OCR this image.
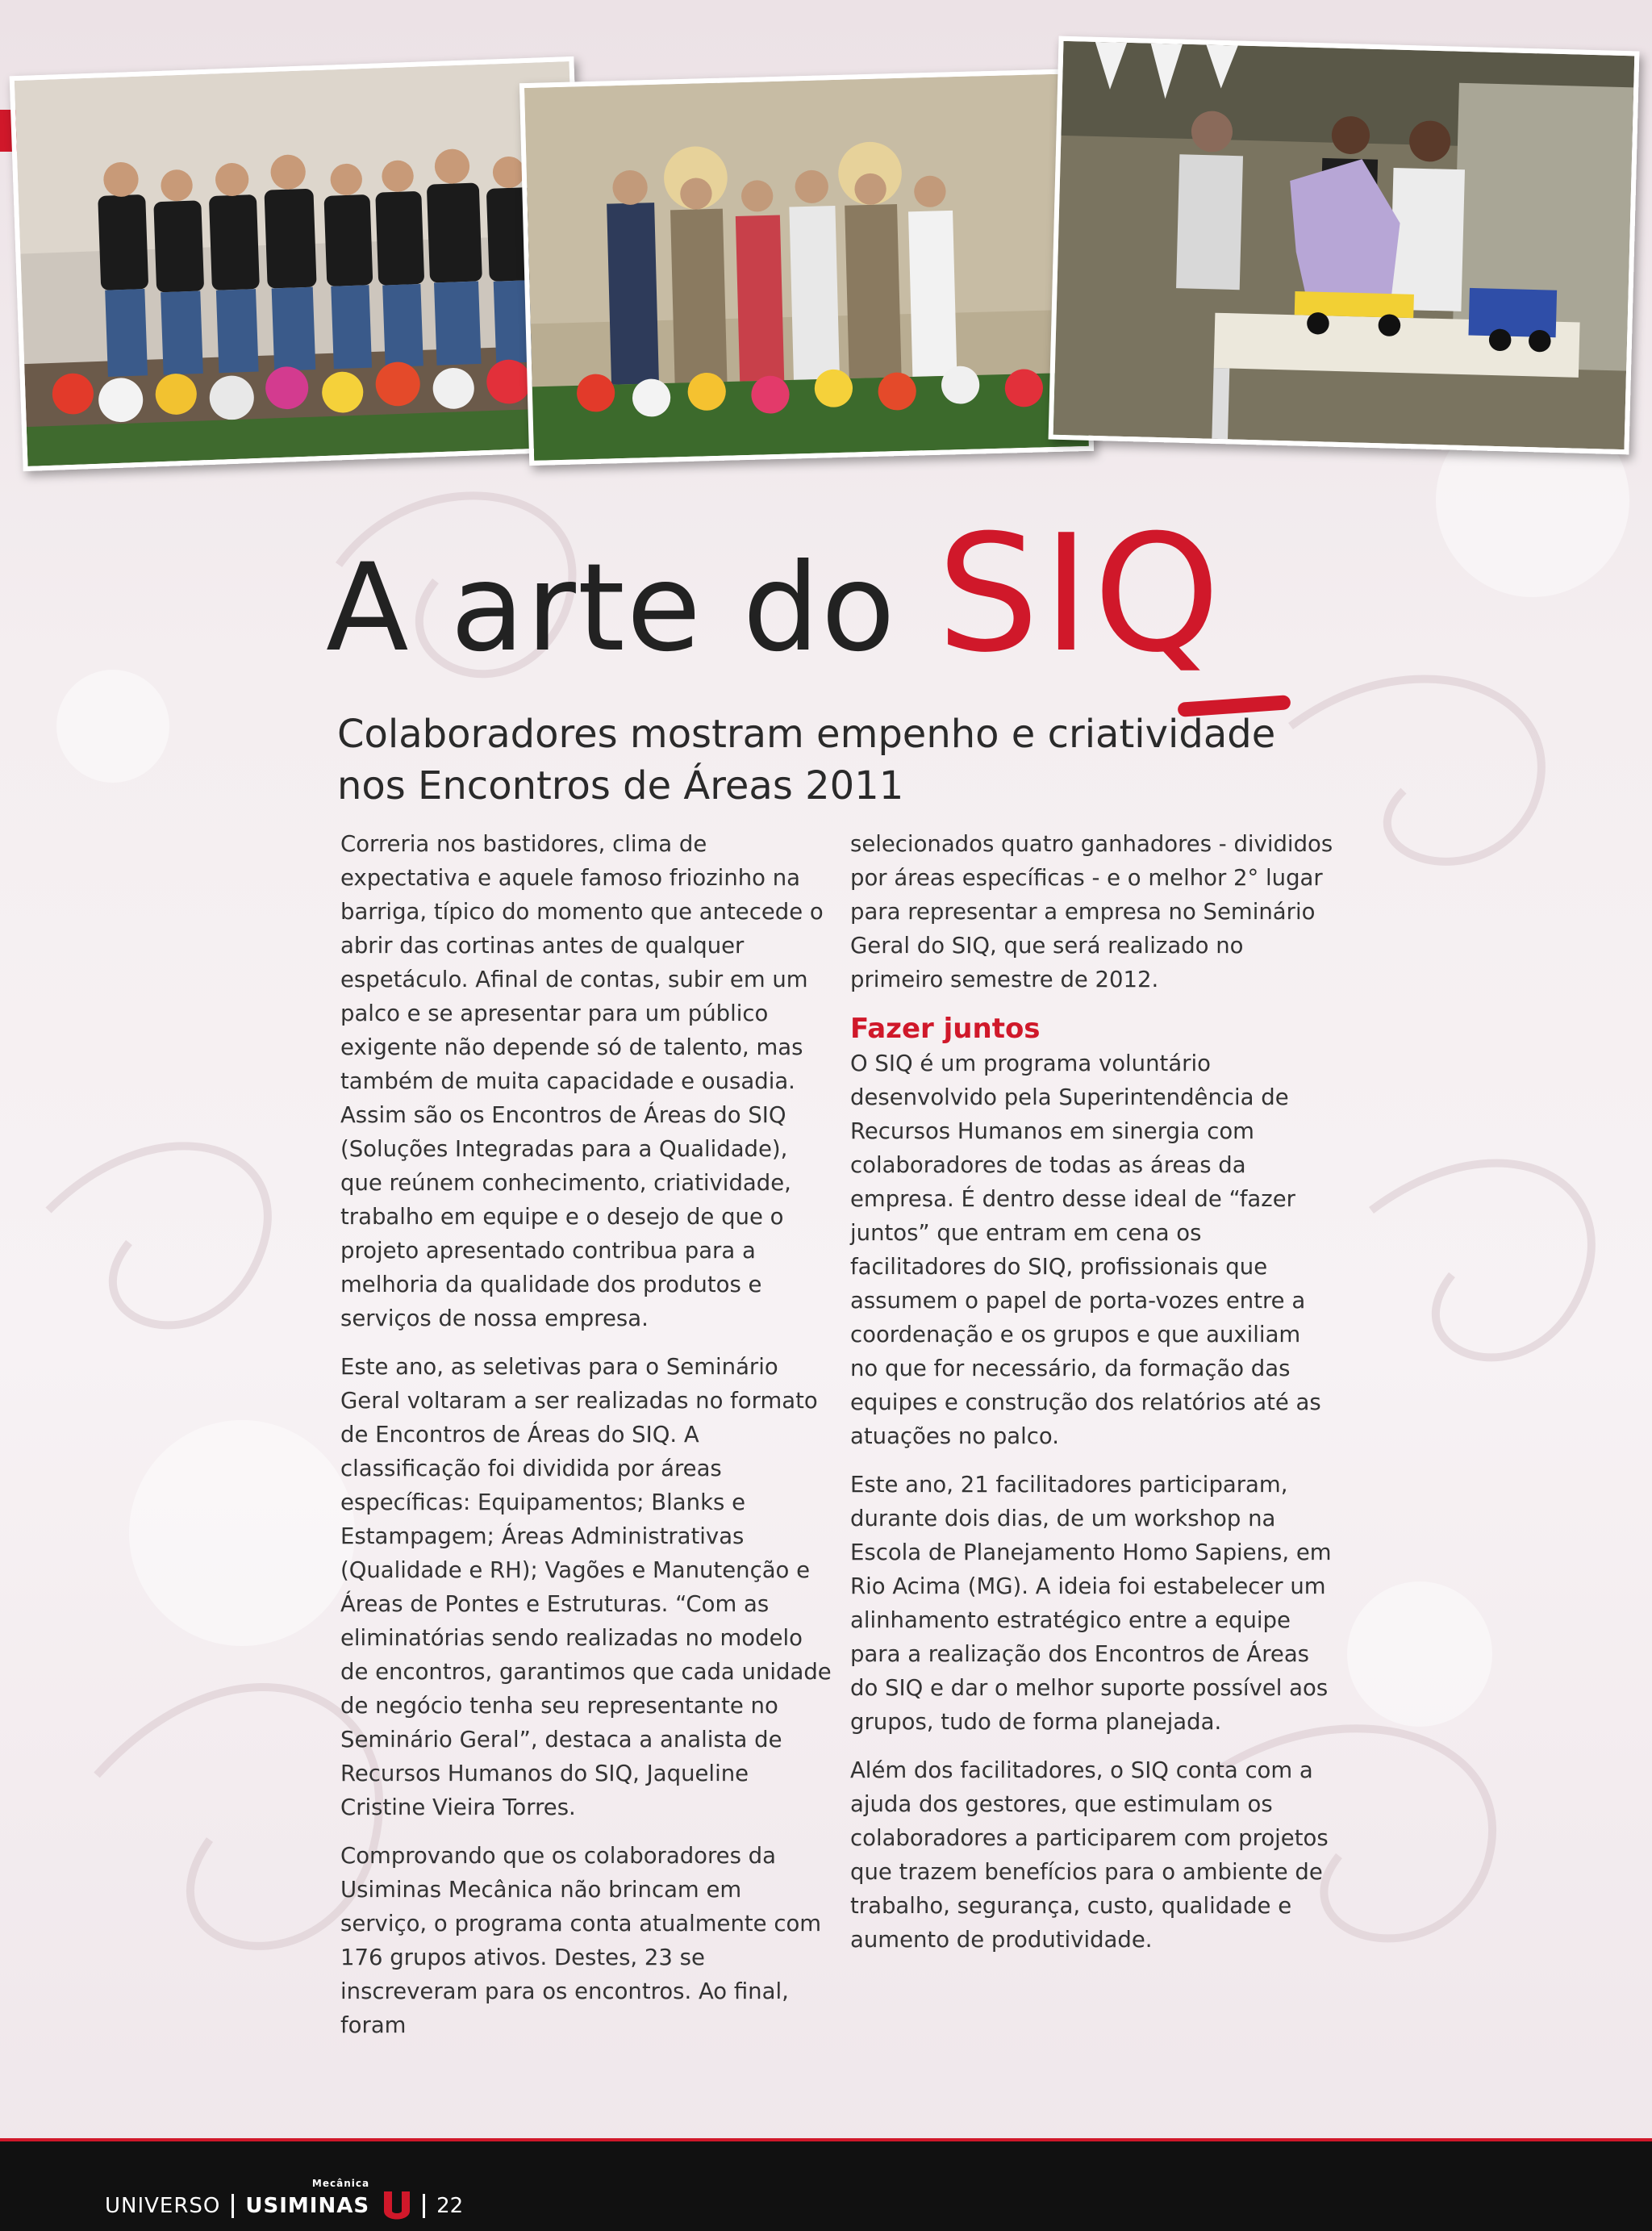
A arte do SIQ
Colaboradores mostram empenho e criatividade nos Encontros de Áreas 2011

Correria nos bastidores, clima de expectativa e aquele famoso friozinho na barriga, típico do momento que antecede o abrir das cortinas antes de qualquer espetáculo. Afinal de contas, subir em um palco e se apresentar para um público exigente não depende só de talento, mas também de muita capacidade e ousadia. Assim são os Encontros de Áreas do SIQ (Soluções Integradas para a Qualidade), que reúnem conhecimento, criatividade, trabalho em equipe e o desejo de que o projeto apresentado contribua para a melhoria da qualidade dos produtos e serviços de nossa empresa.

Este ano, as seletivas para o Seminário Geral voltaram a ser realizadas no formato de Encontros de Áreas do SIQ. A classificação foi dividida por áreas específicas: Equipamentos; Blanks e Estampagem; Áreas Administrativas (Qualidade e RH); Vagões e Manutenção e Áreas de Pontes e Estruturas. “Com as eliminatórias sendo realizadas no modelo de encontros, garantimos que cada unidade de negócio tenha seu representante no Seminário Geral”, destaca a analista de Recursos Humanos do SIQ, Jaqueline Cristine Vieira Torres.

Comprovando que os colaboradores da Usiminas Mecânica não brincam em serviço, o programa conta atualmente com 176 grupos ativos. Destes, 23 se inscreveram para os encontros. Ao final, foram

selecionados quatro ganhadores - divididos por áreas específicas - e o melhor 2° lugar para representar a empresa no Seminário Geral do SIQ, que será realizado no primeiro semestre de 2012.

Fazer juntos

O SIQ é um programa voluntário desenvolvido pela Superintendência de Recursos Humanos em sinergia com colaboradores de todas as áreas da empresa. É dentro desse ideal de “fazer juntos” que entram em cena os facilitadores do SIQ, profissionais que assumem o papel de porta-vozes entre a coordenação e os grupos e que auxiliam no que for necessário, da formação das equipes e construção dos relatórios até as atuações no palco.

Este ano, 21 facilitadores participaram, durante dois dias, de um workshop na Escola de Planejamento Homo Sapiens, em Rio Acima (MG). A ideia foi estabelecer um alinhamento estratégico entre a equipe para a realização dos Encontros de Áreas do SIQ e dar o melhor suporte possível aos grupos, tudo de forma planejada.

Além dos facilitadores, o SIQ conta com a ajuda dos gestores, que estimulam os colaboradores a participarem com projetos que trazem benefícios para o ambiente de trabalho, segurança, custo, qualidade e aumento de produtividade.

UNIVERSO
Mecânica
USIMINAS	22
